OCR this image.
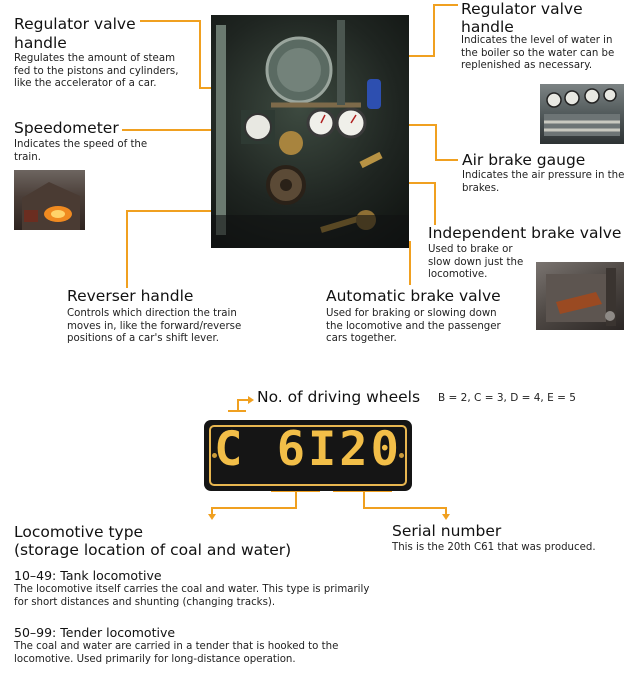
Regulator valve handle
Regulates the amount of steam fed to the pistons and cylinders, like the accelerator of a car.
Speedometer
Indicates the speed of the train.
Reverser handle
Controls which direction the train moves in, like the forward/reverse positions of a car's shift lever.
Regulator valve handle
Indicates the level of water in the boiler so the water can be replenished as necessary.
Air brake gauge
Indicates the air pressure in the brakes.
Independent brake valve
Used to brake or slow down just the locomotive.
Automatic brake valve
Used for braking or slowing down the locomotive and the passenger cars together.
No. of driving wheels B = 2, C = 3, D = 4, E = 5
C 6I20
Locomotive type
(storage location of coal and water)
10–49: Tank locomotive
The locomotive itself carries the coal and water. This type is primarily for short distances and shunting (changing tracks).
50–99: Tender locomotive
The coal and water are carried in a tender that is hooked to the locomotive. Used primarily for long-distance operation.
Serial number
This is the 20th C61 that was produced.
